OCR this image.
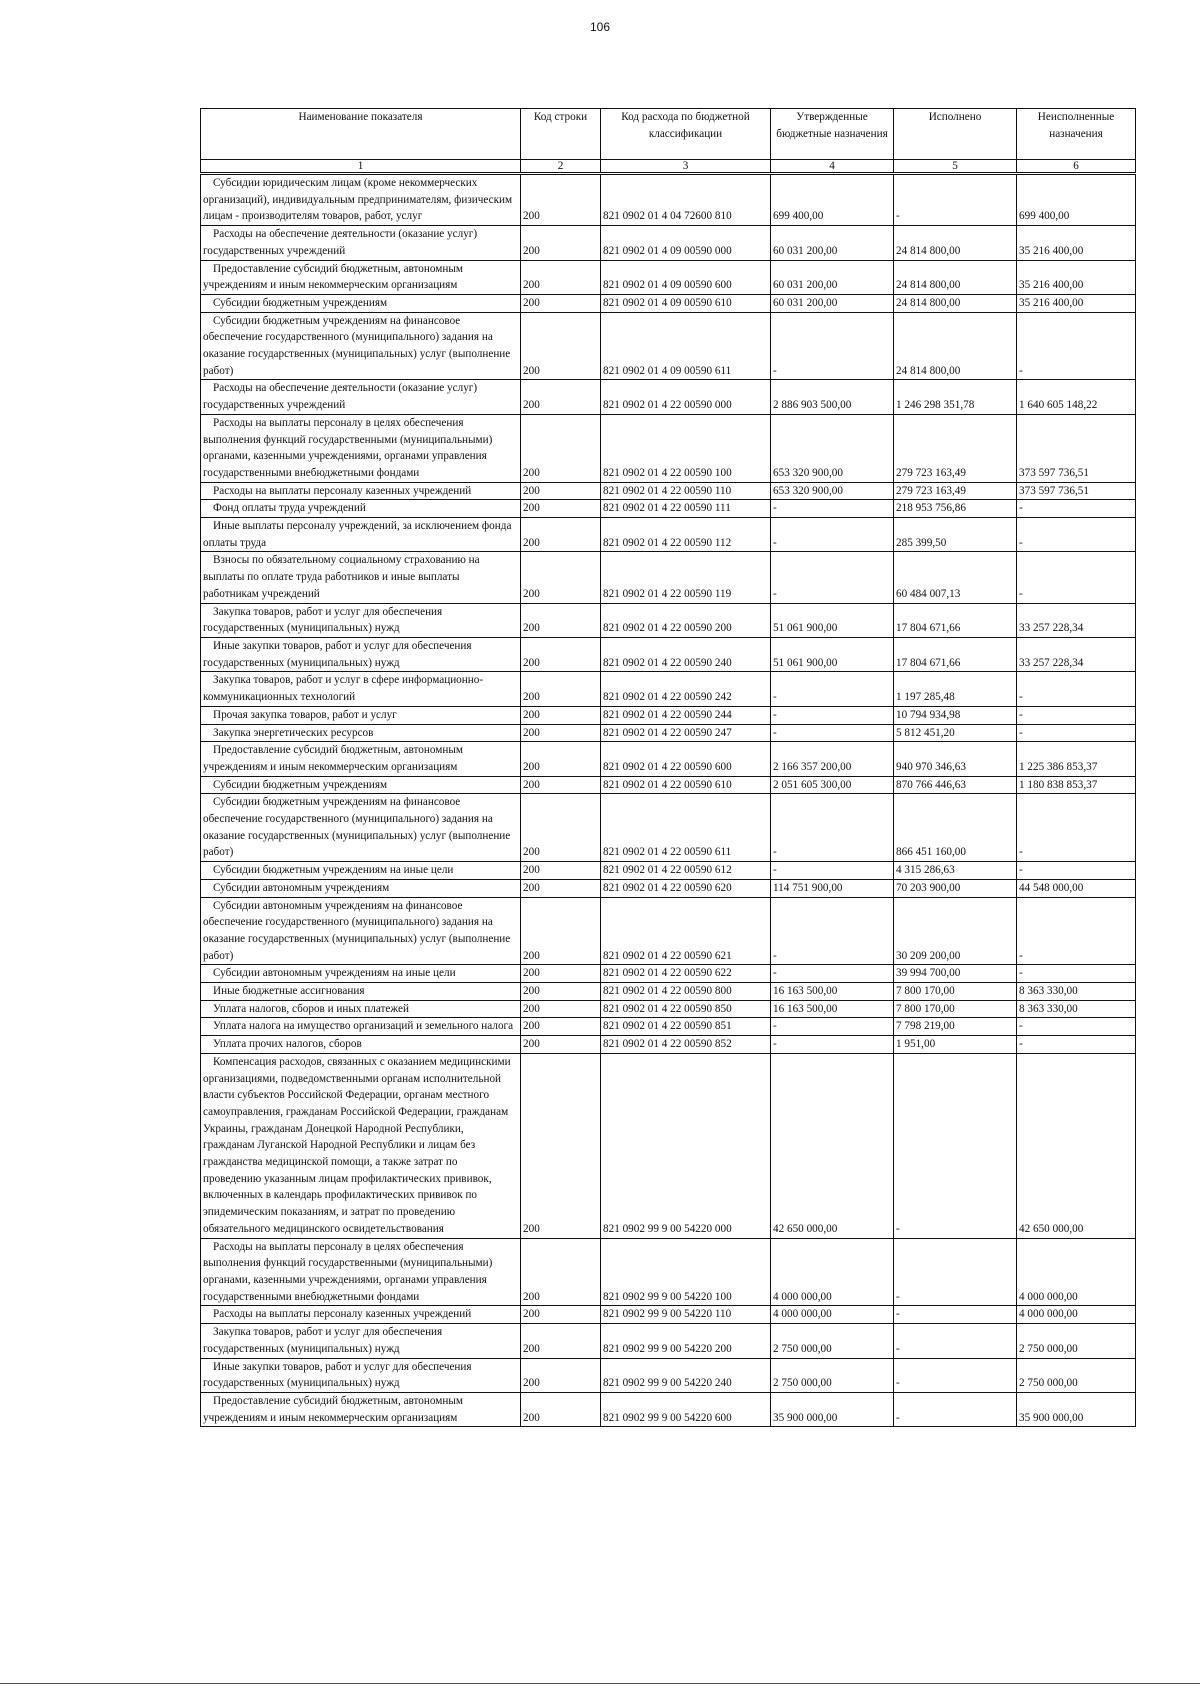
106
Наименование показателя	Код строки	Код расхода по бюджетной классификации	Утвержденные бюджетные назначения	Исполнено	Неисполненные назначения
1	2	3	4	5	6
Субсидии юридическим лицам (кроме некоммерческих организаций), индивидуальным предпринимателям, физическим лицам - производителям товаров, работ, услуг	200	821 0902 01 4 04 72600 810	699 400,00	-	699 400,00
Расходы на обеспечение деятельности (оказание услуг) государственных учреждений	200	821 0902 01 4 09 00590 000	60 031 200,00	24 814 800,00	35 216 400,00
Предоставление субсидий бюджетным, автономным учреждениям и иным некоммерческим организациям	200	821 0902 01 4 09 00590 600	60 031 200,00	24 814 800,00	35 216 400,00
Субсидии бюджетным учреждениям	200	821 0902 01 4 09 00590 610	60 031 200,00	24 814 800,00	35 216 400,00
Субсидии бюджетным учреждениям на финансовое обеспечение государственного (муниципального) задания на оказание государственных (муниципальных) услуг (выполнение работ)	200	821 0902 01 4 09 00590 611	-	24 814 800,00	-
Расходы на обеспечение деятельности (оказание услуг) государственных учреждений	200	821 0902 01 4 22 00590 000	2 886 903 500,00	1 246 298 351,78	1 640 605 148,22
Расходы на выплаты персоналу в целях обеспечения выполнения функций государственными (муниципальными) органами, казенными учреждениями, органами управления государственными внебюджетными фондами	200	821 0902 01 4 22 00590 100	653 320 900,00	279 723 163,49	373 597 736,51
Расходы на выплаты персоналу казенных учреждений	200	821 0902 01 4 22 00590 110	653 320 900,00	279 723 163,49	373 597 736,51
Фонд оплаты труда учреждений	200	821 0902 01 4 22 00590 111	-	218 953 756,86	-
Иные выплаты персоналу учреждений, за исключением фонда оплаты труда	200	821 0902 01 4 22 00590 112	-	285 399,50	-
Взносы по обязательному социальному страхованию на выплаты по оплате труда работников и иные выплаты работникам учреждений	200	821 0902 01 4 22 00590 119	-	60 484 007,13	-
Закупка товаров, работ и услуг для обеспечения государственных (муниципальных) нужд	200	821 0902 01 4 22 00590 200	51 061 900,00	17 804 671,66	33 257 228,34
Иные закупки товаров, работ и услуг для обеспечения государственных (муниципальных) нужд	200	821 0902 01 4 22 00590 240	51 061 900,00	17 804 671,66	33 257 228,34
Закупка товаров, работ и услуг в сфере информационно-коммуникационных технологий	200	821 0902 01 4 22 00590 242	-	1 197 285,48	-
Прочая закупка товаров, работ и услуг	200	821 0902 01 4 22 00590 244	-	10 794 934,98	-
Закупка энергетических ресурсов	200	821 0902 01 4 22 00590 247	-	5 812 451,20	-
Предоставление субсидий бюджетным, автономным учреждениям и иным некоммерческим организациям	200	821 0902 01 4 22 00590 600	2 166 357 200,00	940 970 346,63	1 225 386 853,37
Субсидии бюджетным учреждениям	200	821 0902 01 4 22 00590 610	2 051 605 300,00	870 766 446,63	1 180 838 853,37
Субсидии бюджетным учреждениям на финансовое обеспечение государственного (муниципального) задания на оказание государственных (муниципальных) услуг (выполнение работ)	200	821 0902 01 4 22 00590 611	-	866 451 160,00	-
Субсидии бюджетным учреждениям на иные цели	200	821 0902 01 4 22 00590 612	-	4 315 286,63	-
Субсидии автономным учреждениям	200	821 0902 01 4 22 00590 620	114 751 900,00	70 203 900,00	44 548 000,00
Субсидии автономным учреждениям на финансовое обеспечение государственного (муниципального) задания на оказание государственных (муниципальных) услуг (выполнение работ)	200	821 0902 01 4 22 00590 621	-	30 209 200,00	-
Субсидии автономным учреждениям на иные цели	200	821 0902 01 4 22 00590 622	-	39 994 700,00	-
Иные бюджетные ассигнования	200	821 0902 01 4 22 00590 800	16 163 500,00	7 800 170,00	8 363 330,00
Уплата налогов, сборов и иных платежей	200	821 0902 01 4 22 00590 850	16 163 500,00	7 800 170,00	8 363 330,00
Уплата налога на имущество организаций и земельного налога	200	821 0902 01 4 22 00590 851	-	7 798 219,00	-
Уплата прочих налогов, сборов	200	821 0902 01 4 22 00590 852	-	1 951,00	-
Компенсация расходов, связанных с оказанием медицинскими организациями, подведомственными органам исполнительной власти субъектов Российской Федерации, органам местного самоуправления, гражданам Российской Федерации, гражданам Украины, гражданам Донецкой Народной Республики, гражданам Луганской Народной Республики и лицам без гражданства медицинской помощи, а также затрат по проведению указанным лицам профилактических прививок, включенных в календарь профилактических прививок по эпидемическим показаниям, и затрат по проведению обязательного медицинского освидетельствования	200	821 0902 99 9 00 54220 000	42 650 000,00	-	42 650 000,00
Расходы на выплаты персоналу в целях обеспечения выполнения функций государственными (муниципальными) органами, казенными учреждениями, органами управления государственными внебюджетными фондами	200	821 0902 99 9 00 54220 100	4 000 000,00	-	4 000 000,00
Расходы на выплаты персоналу казенных учреждений	200	821 0902 99 9 00 54220 110	4 000 000,00	-	4 000 000,00
Закупка товаров, работ и услуг для обеспечения государственных (муниципальных) нужд	200	821 0902 99 9 00 54220 200	2 750 000,00	-	2 750 000,00
Иные закупки товаров, работ и услуг для обеспечения государственных (муниципальных) нужд	200	821 0902 99 9 00 54220 240	2 750 000,00	-	2 750 000,00
Предоставление субсидий бюджетным, автономным учреждениям и иным некоммерческим организациям	200	821 0902 99 9 00 54220 600	35 900 000,00	-	35 900 000,00
